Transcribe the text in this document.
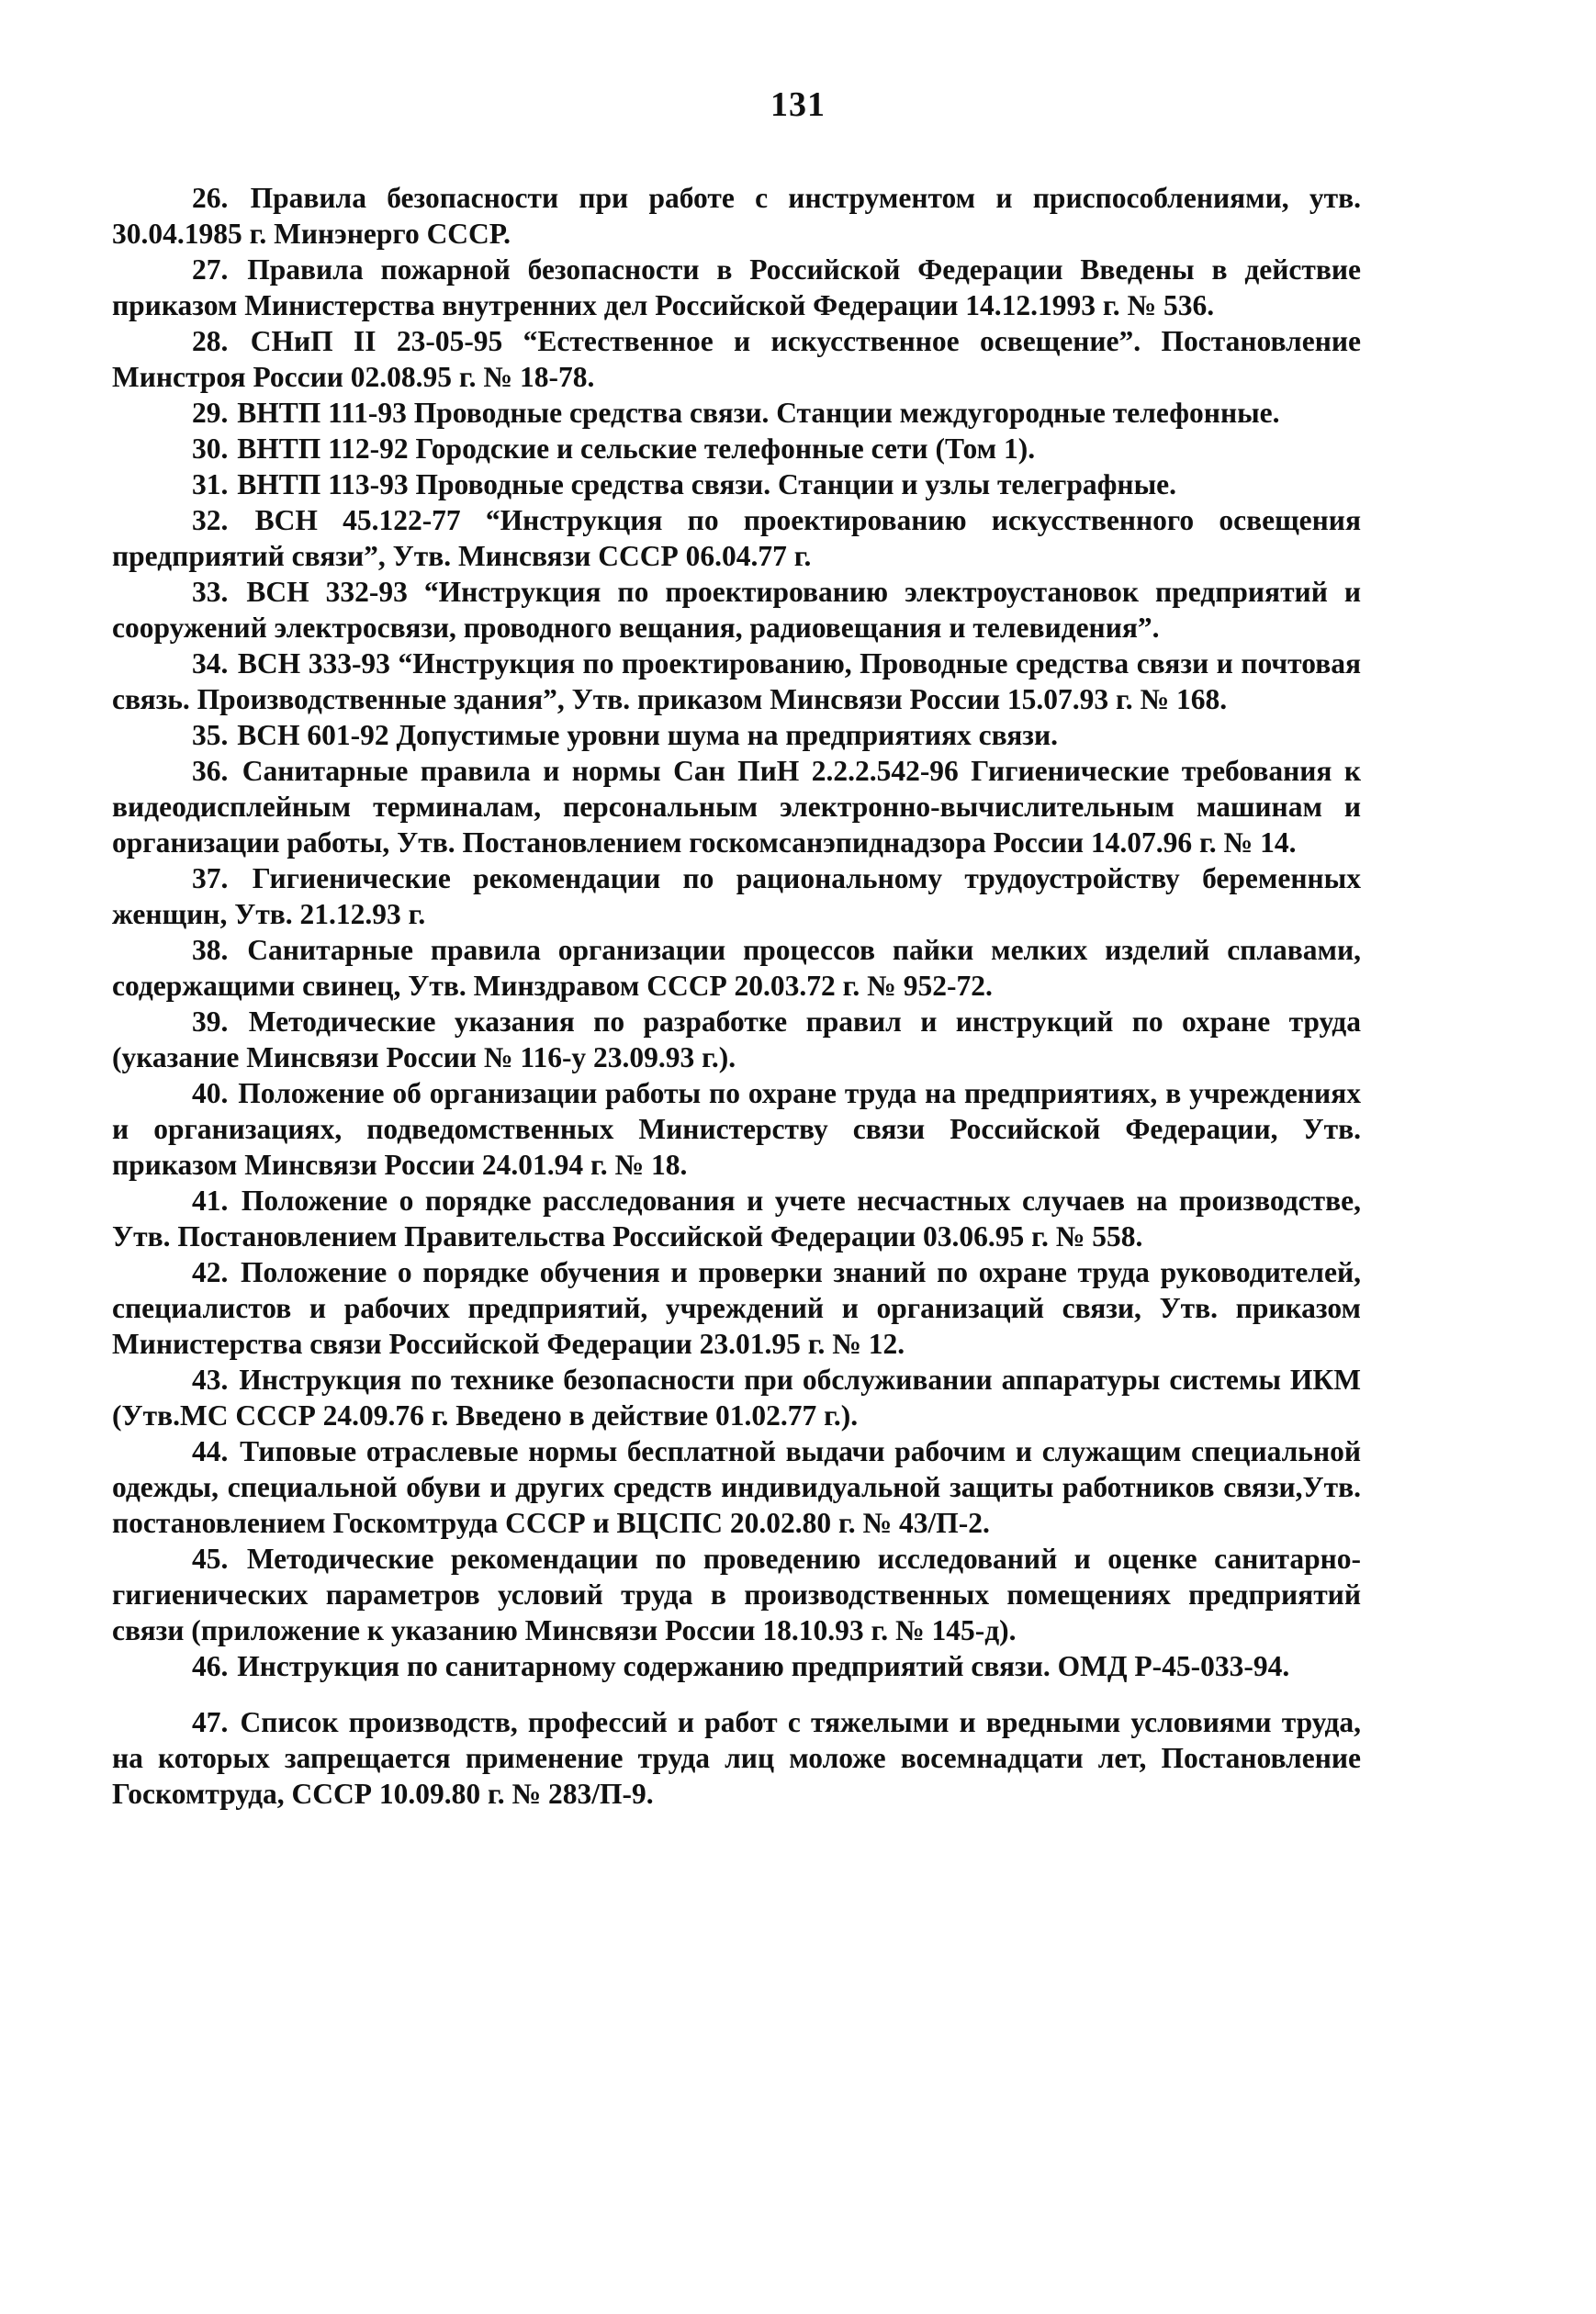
131

26. Правила безопасности при работе с инструментом и приспособлениями, утв. 30.04.1985 г. Минэнерго СССР.

27. Правила пожарной безопасности в Российской Федерации Введены в действие приказом Министерства внутренних дел Российской Федерации 14.12.1993 г. № 536.

28. СНиП II 23-05-95 “Естественное и искусственное освещение”. Постановление Минстроя России 02.08.95 г. № 18-78.

29. ВНТП 111-93 Проводные средства связи. Станции междугородные телефонные.

30. ВНТП 112-92 Городские и сельские телефонные сети (Том 1).

31. ВНТП 113-93 Проводные средства связи. Станции и узлы телеграфные.

32. ВСН 45.122-77 “Инструкция по проектированию искусственного освещения предприятий связи”, Утв. Минсвязи СССР 06.04.77 г.

33. ВСН 332-93 “Инструкция по проектированию электроустановок предприятий и сооружений электросвязи, проводного вещания, радиовещания и телевидения”.

34. ВСН 333-93 “Инструкция по проектированию, Проводные средства связи и почтовая связь. Производственные здания”, Утв. приказом Минсвязи России 15.07.93 г. № 168.

35. ВСН 601-92 Допустимые уровни шума на предприятиях связи.

36. Санитарные правила и нормы Сан ПиН 2.2.2.542-96 Гигиенические требования к видеодисплейным терминалам, персональным электронно-вычислительным машинам и организации работы, Утв. Постановлением госкомсанэпиднадзора России 14.07.96 г. № 14.

37. Гигиенические рекомендации по рациональному трудоустройству беременных женщин, Утв. 21.12.93 г.

38. Санитарные правила организации процессов пайки мелких изделий сплавами, содержащими свинец, Утв. Минздравом СССР 20.03.72 г. № 952-72.

39. Методические указания по разработке правил и инструкций по охране труда (указание Минсвязи России № 116-у 23.09.93 г.).

40. Положение об организации работы по охране труда на предприятиях, в учреждениях и организациях, подведомственных Министерству связи Российской Федерации, Утв. приказом Минсвязи России 24.01.94 г. № 18.

41. Положение о порядке расследования и учете несчастных случаев на производстве, Утв. Постановлением Правительства Российской Федерации 03.06.95 г. № 558.

42. Положение о порядке обучения и проверки знаний по охране труда руководителей, специалистов и рабочих предприятий, учреждений и организаций связи, Утв. приказом Министерства связи Российской Федерации 23.01.95 г. № 12.

43. Инструкция по технике безопасности при обслуживании аппаратуры системы ИКМ (Утв.МС СССР 24.09.76 г. Введено в действие 01.02.77 г.).

44. Типовые отраслевые нормы бесплатной выдачи рабочим и служащим специальной одежды, специальной обуви и других средств индивидуальной защиты работников связи,Утв. постановлением Госкомтруда СССР и ВЦСПС 20.02.80 г. № 43/П-2.

45. Методические рекомендации по проведению исследований и оценке санитарно-гигиенических параметров условий труда в производственных помещениях предприятий связи (приложение к указанию Минсвязи России 18.10.93 г. № 145-д).

46. Инструкция по санитарному содержанию предприятий связи. ОМД Р-45-033-94.

47. Список производств, профессий и работ с тяжелыми и вредными условиями труда, на которых запрещается применение труда лиц моложе восемнадцати лет, Постановление Госкомтруда, СССР 10.09.80 г. № 283/П-9.
